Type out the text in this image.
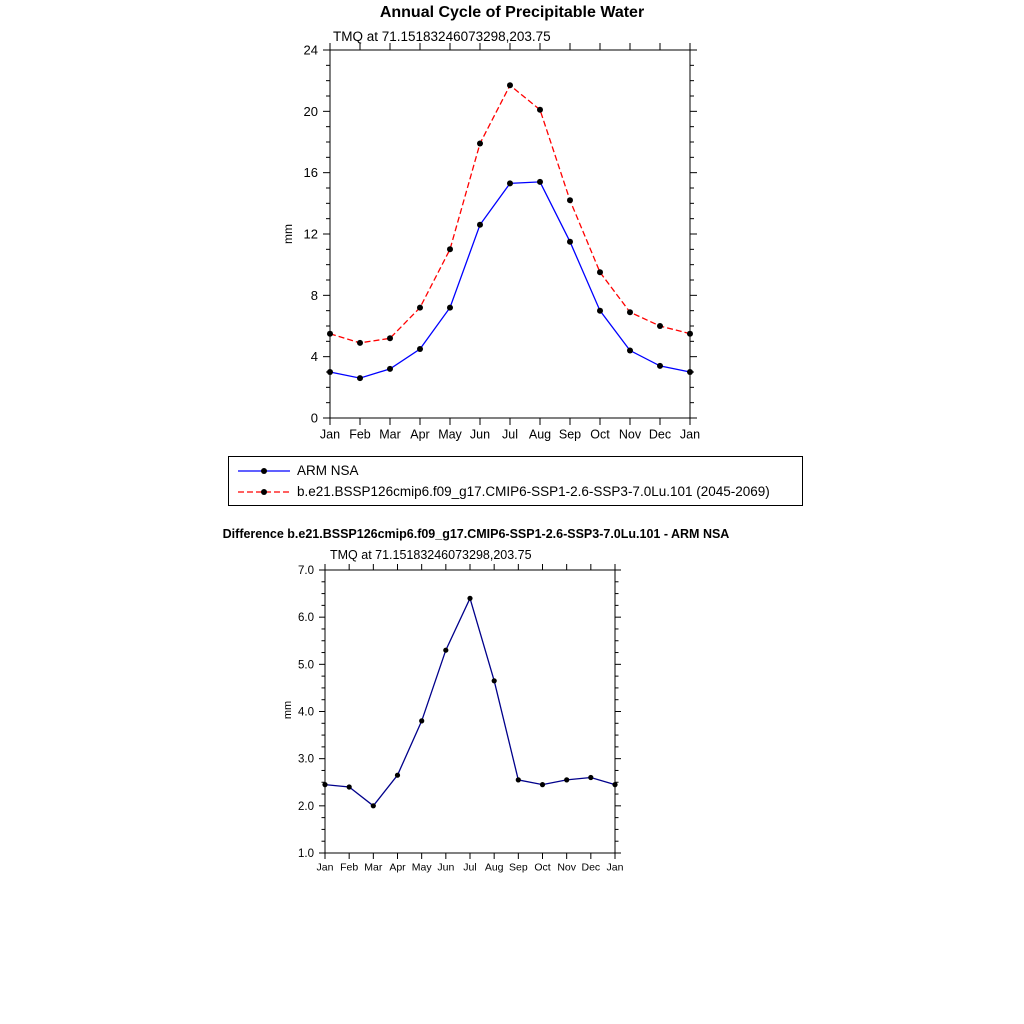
0
4
8
12
16
20
24
Jan Feb Mar Apr May Jun Jul Aug Sep Oct Nov Dec Jan
1.0
2.0
3.0
4.0
5.0
6.0
7.0
Jan Feb Mar Apr May Jun Jul Aug Sep Oct Nov Dec Jan
Annual Cycle of Precipitable Water
TMQ at 71.15183246073298,203.75
mm
ARM NSA
b.e21.BSSP126cmip6.f09_g17.CMIP6-SSP1-2.6-SSP3-7.0Lu.101 (2045-2069)
Difference b.e21.BSSP126cmip6.f09_g17.CMIP6-SSP1-2.6-SSP3-7.0Lu.101 - ARM NSA
TMQ at 71.15183246073298,203.75
mm
